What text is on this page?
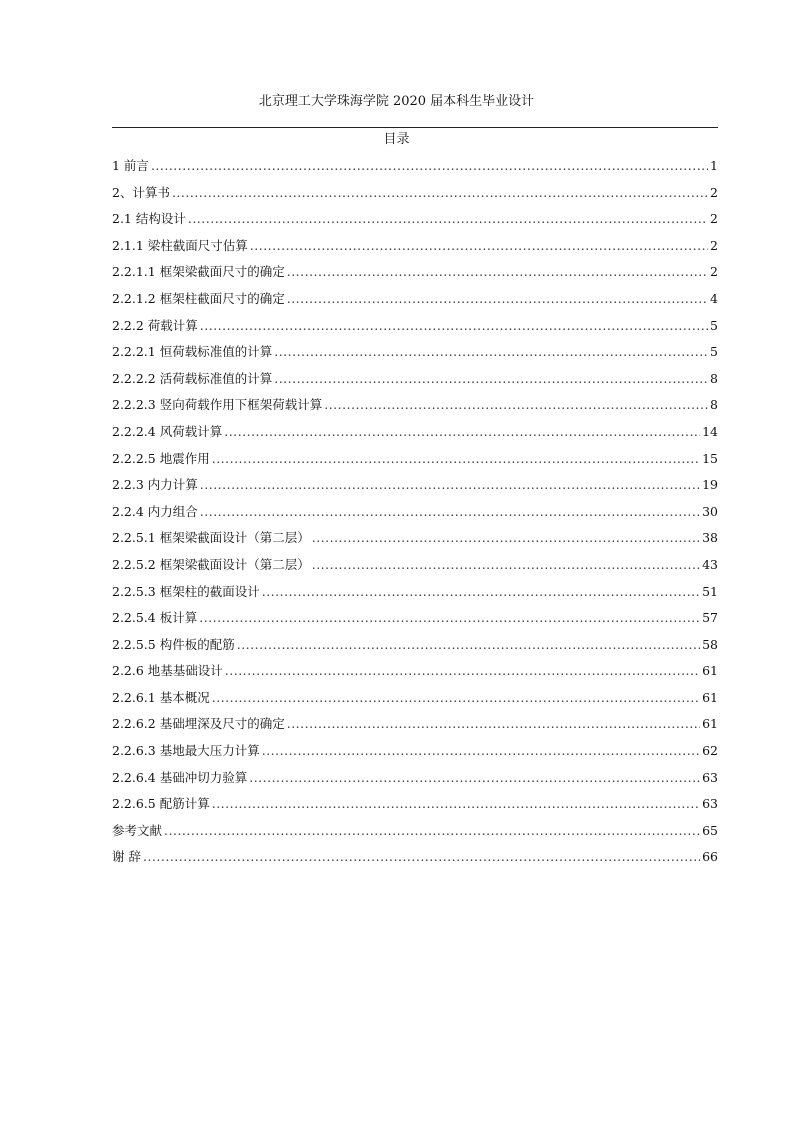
北京理工大学珠海学院 2020 届本科生毕业设计
目录
1 前言 .....	1
2、计算书 .....	2
2.1 结构设计 .....	2
2.1.1 梁柱截面尺寸估算 .....	2
2.2.1.1 框架梁截面尺寸的确定 .....	2
2.2.1.2 框架柱截面尺寸的确定 .....	4
2.2.2 荷载计算 .....	5
2.2.2.1 恒荷载标准值的计算 .....	5
2.2.2.2 活荷载标准值的计算 .....	8
2.2.2.3 竖向荷载作用下框架荷载计算 .....	8
2.2.2.4 风荷载计算 .....	14
2.2.2.5 地震作用 .....	15
2.2.3 内力计算 .....	19
2.2.4 内力组合 .....	30
2.2.5.1 框架梁截面设计（第二层） .....	38
2.2.5.2 框架梁截面设计（第二层） .....	43
2.2.5.3 框架柱的截面设计 .....	51
2.2.5.4 板计算 .....	57
2.2.5.5 构件板的配筋 .....	58
2.2.6 地基基础设计 .....	61
2.2.6.1 基本概况 .....	61
2.2.6.2 基础埋深及尺寸的确定 .....	61
2.2.6.3 基地最大压力计算 .....	62
2.2.6.4 基础冲切力验算 .....	63
2.2.6.5 配筋计算 .....	63
参考文献 .....	65
谢 辞 .....	66
